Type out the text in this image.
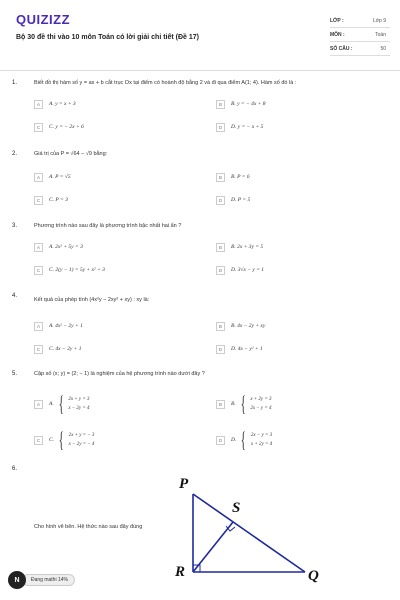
QUIZIZZ
Bộ 30 đề thi vào 10 môn Toán có lời giải chi tiết (Đề 17)
LỚP :	Lớp 9
MÔN :	Toán
SỐ CÂU :	50
1.	Biết đồ thị hàm số y = ax + b cắt trục Ox tại điểm có hoành độ bằng 2 và đi qua điểm A(1; 4). Hàm số đó là :
A	A. y = x + 3	B	B. y = − 4x + 8
C	C. y = − 2x + 6	D	D. y = − x + 5
2.	Giá trị của P = √64 − √9 bằng:
A	A. P = √5	B	B. P = 6
C	C. P = 3	D	D. P = 5
3.	Phương trình nào sau đây là phương trình bậc nhất hai ẩn ?
A	A. 2x² + 5y = 3	B	B. 2x + 3y = 5
C	C. 2(y − 1) = 5y + x² + 3	D	D. 3√x − y = 1
4.
Kết quả của phép tính (4x²y − 2xy² + xy) : xy là:
A	A. 4x² − 2y + 1	B	B. 4x − 2y + xy
C	C. 4x − 2y + 1	D	D. 4x − y² + 1
5.	Cặp số (x; y) = (2; − 1) là nghiệm của hệ phương trình nào dưới đây ?
A	A. { 2x + y = 3
x − 2y = 4
B	B. { x + 2y = 3
2x − y = 4
C	C. { 2x + y = − 3
x − 2y = − 4
D	D. { 2x − y = 3
x + 2y = 4
6.
Cho hình vẽ bên. Hệ thức nào sau đây đúng
P
S
R	Q
N	Đang mathi 14%
